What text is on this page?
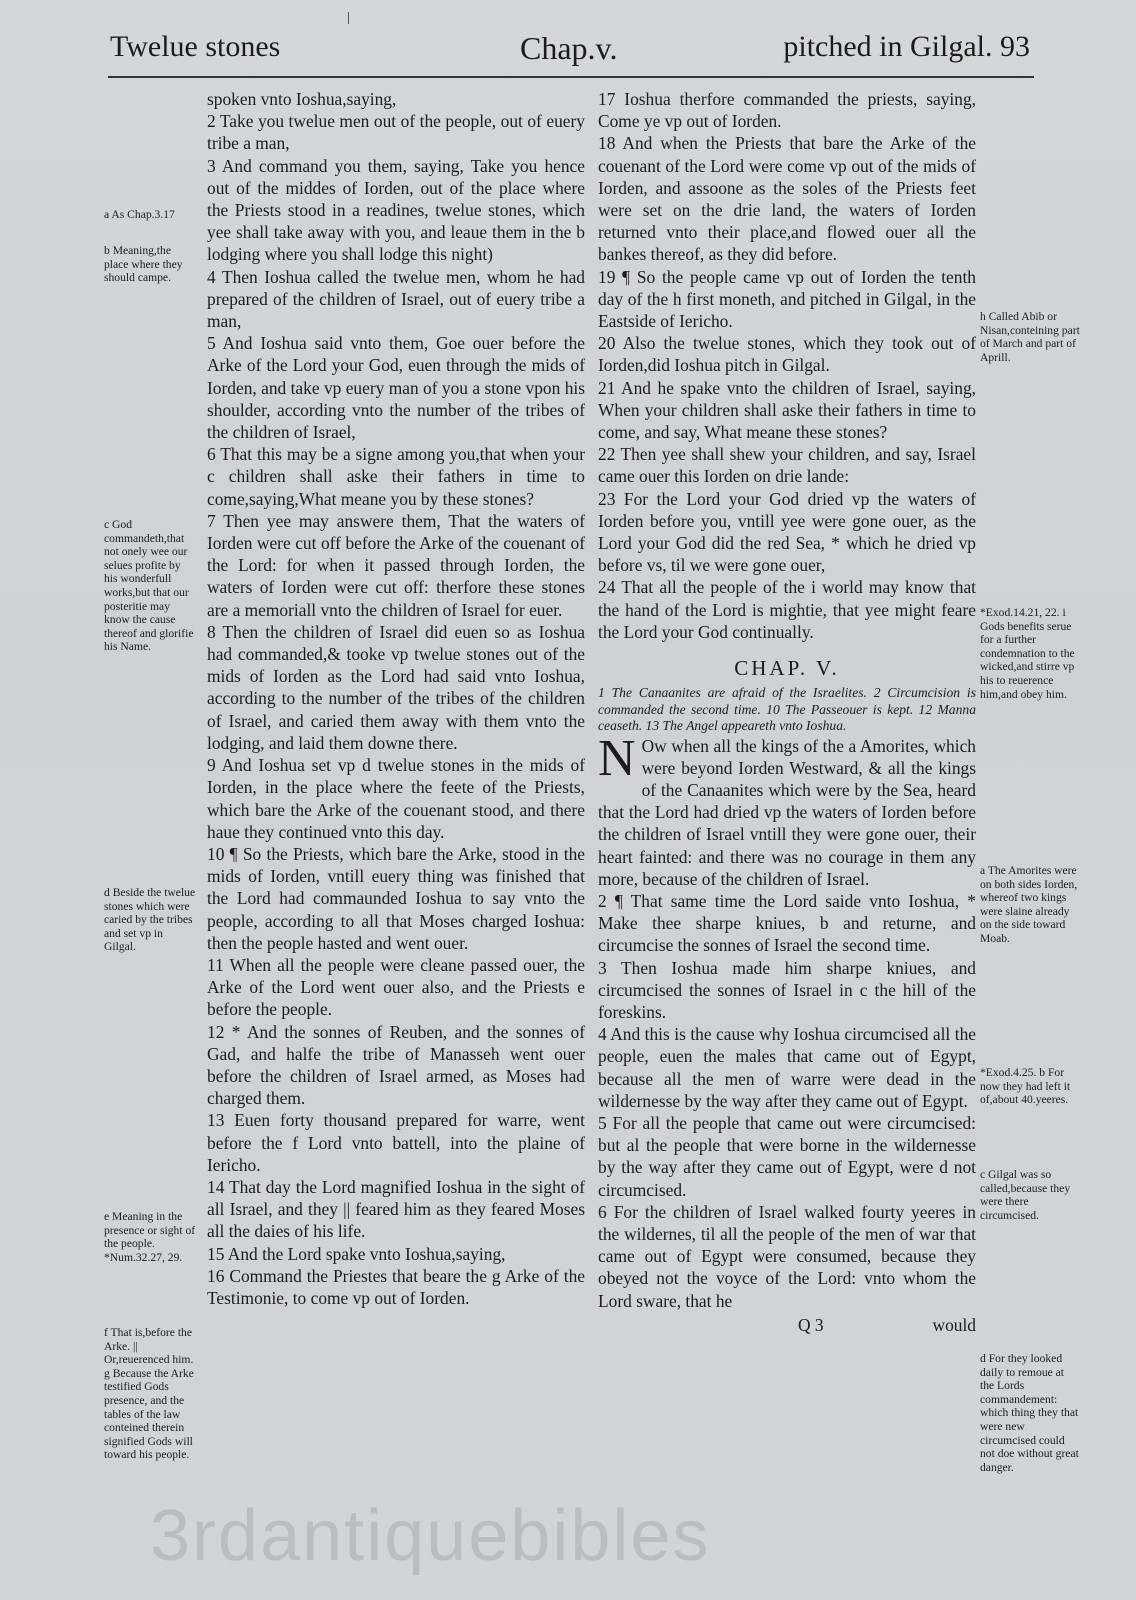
Twelue stones	Chap.v.	pitched in Gilgal. 93

spoken vnto Ioshua,saying,

2 Take you twelue men out of the people, out of euery tribe a man,

3 And command you them, saying, Take you hence out of the middes of Iorden, out of the place where the Priests stood in a readines, twelue stones, which yee shall take away with you, and leaue them in the b lodging where you shall lodge this night)

4 Then Ioshua called the twelue men, whom he had prepared of the children of Israel, out of euery tribe a man,

5 And Ioshua said vnto them, Goe ouer before the Arke of the Lord your God, euen through the mids of Iorden, and take vp euery man of you a stone vpon his shoulder, according vnto the number of the tribes of the children of Israel,

6 That this may be a signe among you,that when your c children shall aske their fathers in time to come,saying,What meane you by these stones?

7 Then yee may answere them, That the waters of Iorden were cut off before the Arke of the couenant of the Lord: for when it passed through Iorden, the waters of Iorden were cut off: therfore these stones are a memoriall vnto the children of Israel for euer.

8 Then the children of Israel did euen so as Ioshua had commanded,& tooke vp twelue stones out of the mids of Iorden as the Lord had said vnto Ioshua, according to the number of the tribes of the children of Israel, and caried them away with them vnto the lodging, and laid them downe there.

9 And Ioshua set vp d twelue stones in the mids of Iorden, in the place where the feete of the Priests, which bare the Arke of the couenant stood, and there haue they continued vnto this day.

10 ¶ So the Priests, which bare the Arke, stood in the mids of Iorden, vntill euery thing was finished that the Lord had commaunded Ioshua to say vnto the people, according to all that Moses charged Ioshua: then the people hasted and went ouer.

11 When all the people were cleane passed ouer, the Arke of the Lord went ouer also, and the Priests e before the people.

12 * And the sonnes of Reuben, and the sonnes of Gad, and halfe the tribe of Manasseh went ouer before the children of Israel armed, as Moses had charged them.

13 Euen forty thousand prepared for warre, went before the f Lord vnto battell, into the plaine of Iericho.

14 That day the Lord magnified Ioshua in the sight of all Israel, and they || feared him as they feared Moses all the daies of his life.

15 And the Lord spake vnto Ioshua,saying,

16 Command the Priestes that beare the g Arke of the Testimonie, to come vp out of Iorden.

17 Ioshua therfore commanded the priests, saying, Come ye vp out of Iorden.

18 And when the Priests that bare the Arke of the couenant of the Lord were come vp out of the mids of Iorden, and assoone as the soles of the Priests feet were set on the drie land, the waters of Iorden returned vnto their place,and flowed ouer all the bankes thereof, as they did before.

19 ¶ So the people came vp out of Iorden the tenth day of the h first moneth, and pitched in Gilgal, in the Eastside of Iericho.

20 Also the twelue stones, which they took out of Iorden,did Ioshua pitch in Gilgal.

21 And he spake vnto the children of Israel, saying, When your children shall aske their fathers in time to come, and say, What meane these stones?

22 Then yee shall shew your children, and say, Israel came ouer this Iorden on drie lande:

23 For the Lord your God dried vp the waters of Iorden before you, vntill yee were gone ouer, as the Lord your God did the red Sea, * which he dried vp before vs, til we were gone ouer,

24 That all the people of the i world may know that the hand of the Lord is mightie, that yee might feare the Lord your God continually.

CHAP. V.

1 The Canaanites are afraid of the Israelites. 2 Circumcision is commanded the second time. 10 The Passeouer is kept. 12 Manna ceaseth. 13 The Angel appeareth vnto Ioshua.

N Ow when all the kings of the a Amorites, which were beyond Iorden Westward, & all the kings of the Canaanites which were by the Sea, heard that the Lord had dried vp the waters of Iorden before the children of Israel vntill they were gone ouer, their heart fainted: and there was no courage in them any more, because of the children of Israel.

2 ¶ That same time the Lord saide vnto Ioshua, * Make thee sharpe kniues, b and returne, and circumcise the sonnes of Israel the second time.

3 Then Ioshua made him sharpe kniues, and circumcised the sonnes of Israel in c the hill of the foreskins.

4 And this is the cause why Ioshua circumcised all the people, euen the males that came out of Egypt, because all the men of warre were dead in the wildernesse by the way after they came out of Egypt.

5 For all the people that came out were circumcised: but al the people that were borne in the wildernesse by the way after they came out of Egypt, were d not circumcised.

6 For the children of Israel walked fourty yeeres in the wildernes, til all the people of the men of war that came out of Egypt were consumed, because they obeyed not the voyce of the Lord: vnto whom the Lord sware, that he

Q 3	would

a As Chap.3.17
b Meaning,the place where they should campe.
c God commandeth,that not onely wee our selues profite by his wonderfull works,but that our posteritie may know the cause thereof and glorifie his Name.
d Beside the twelue stones which were caried by the tribes and set vp in Gilgal.
e Meaning in the presence or sight of the people. *Num.32.27, 29.
f That is,before the Arke. || Or,reuerenced him. g Because the Arke testified Gods presence, and the tables of the law conteined therein signified Gods will toward his people.
h Called Abib or Nisan,conteining part of March and part of Aprill.
*Exod.14.21, 22. i Gods benefits serue for a further condemnation to the wicked,and stirre vp his to reuerence him,and obey him.
a The Amorites were on both sides Iorden, whereof two kings were slaine already on the side toward Moab.
*Exod.4.25. b For now they had left it of,about 40.yeeres.
c Gilgal was so called,because they were there circumcised.
d For they looked daily to remoue at the Lords commandement: which thing they that were new circumcised could not doe without great danger.
3rdantiquebibles
